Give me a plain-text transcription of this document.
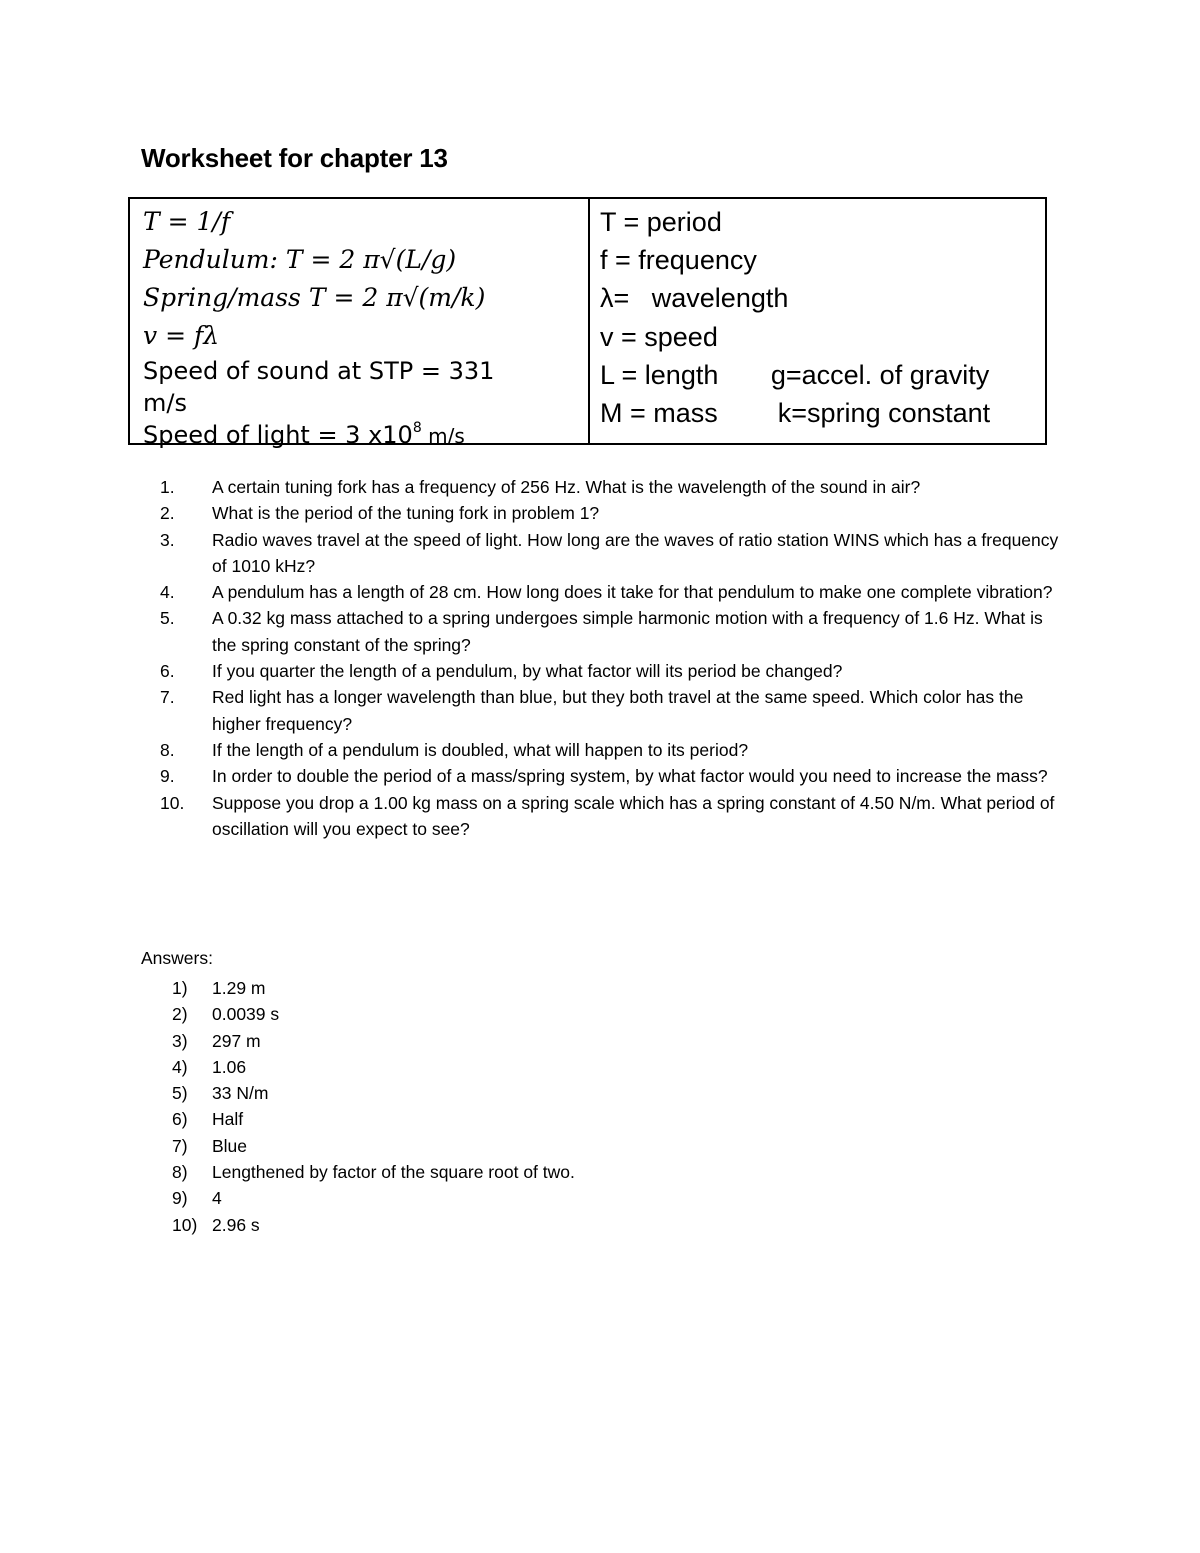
Worksheet for chapter 13
T = 1/f
Pendulum: T = 2 π√(L/g)
Spring/mass T = 2 π√(m/k)
v = fλ
Speed of sound at STP = 331
m/s
Speed of light = 3 $x10^8$ m/s
T = period
f = frequency
λ=   wavelength
v = speed
L = length       g=accel. of gravity
M = mass        k=spring constant
1.	A certain tuning fork has a frequency of 256 Hz. What is the wavelength of the sound in air?
2.	What is the period of the tuning fork in problem 1?
3.	Radio waves travel at the speed of light. How long are the waves of ratio station WINS which has a frequency of 1010 kHz?
4.	A pendulum has a length of 28 cm. How long does it take for that pendulum to make one complete vibration?
5.	A 0.32 kg mass attached to a spring undergoes simple harmonic motion with a frequency of 1.6 Hz. What is the spring constant of the spring?
6.	If you quarter the length of a pendulum, by what factor will its period be changed?
7.	Red light has a longer wavelength than blue, but they both travel at the same speed. Which color has the higher frequency?
8.	If the length of a pendulum is doubled, what will happen to its period?
9.	In order to double the period of a mass/spring system, by what factor would you need to increase the mass?
10.	Suppose you drop a 1.00 kg mass on a spring scale which has a spring constant of 4.50 N/m. What period of oscillation will you expect to see?
Answers:
1)	1.29 m
2)	0.0039 s
3)	297 m
4)	1.06
5)	33 N/m
6)	Half
7)	Blue
8)	Lengthened by factor of the square root of two.
9)	4
10) 2.96 s
